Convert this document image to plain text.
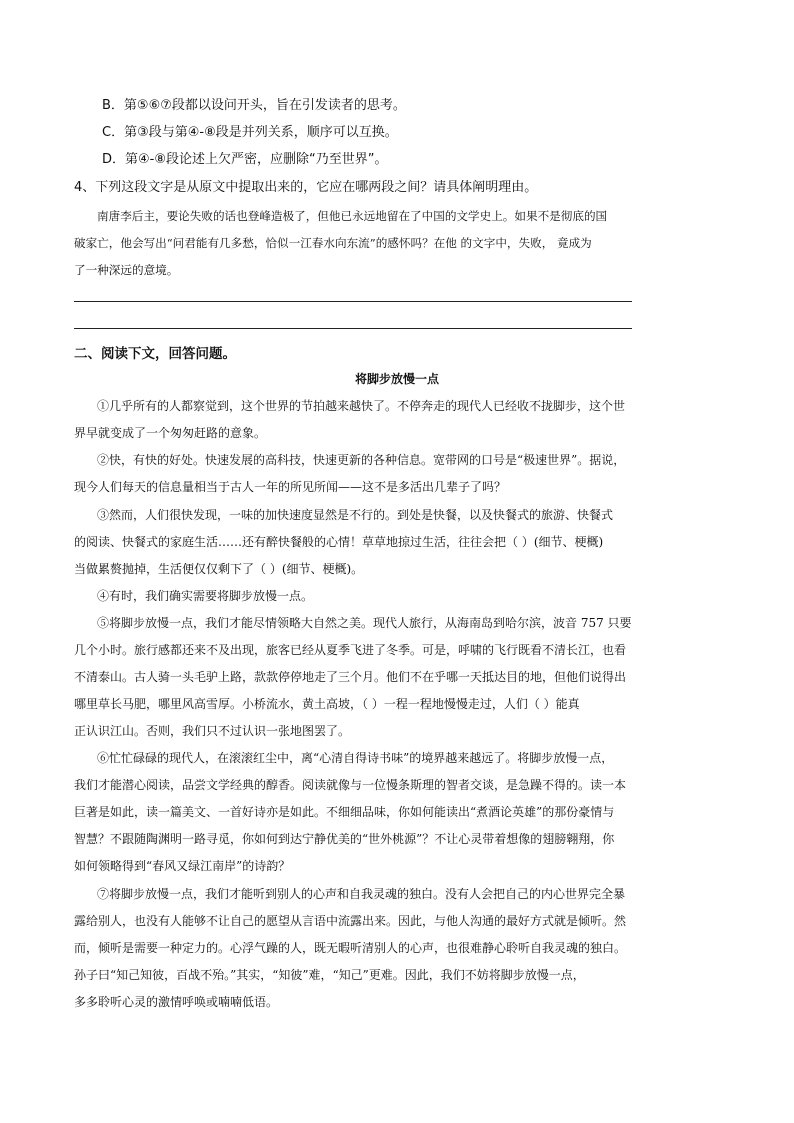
B．第⑤⑥⑦段都以设问开头，旨在引发读者的思考。
C．第③段与第④-⑧段是并列关系，顺序可以互换。
D．第④-⑧段论述上欠严密，应删除“乃至世界”。
4、下列这段文字是从原文中提取出来的，它应在哪两段之间？请具体阐明理由。
南唐李后主，要论失败的话也登峰造极了，但他已永远地留在了中国的文学史上。如果不是彻底的国
破家亡，他会写出“问君能有几多愁，恰似一江春水向东流”的感怀吗？在他 的文字中，失败， 竟成为
了一种深远的意境。
二、阅读下文，回答问题。
将脚步放慢一点
①几乎所有的人都察觉到，这个世界的节拍越来越快了。不停奔走的现代人已经收不拢脚步，这个世
界早就变成了一个匆匆赶路的意象。
②快，有快的好处。快速发展的高科技，快速更新的各种信息。宽带网的口号是“极速世界”。据说，
现今人们每天的信息量相当于古人一年的所见所闻——这不是多活出几辈子了吗？
③然而，人们很快发现，一味的加快速度显然是不行的。到处是快餐，以及快餐式的旅游、快餐式
的阅读、快餐式的家庭生活……还有醉快餐般的心情！草草地掠过生活，往往会把（ ）(细节、梗概)
当做累赘抛掉，生活便仅仅剩下了（ ）(细节、梗概)。
④有时，我们确实需要将脚步放慢一点。
⑤将脚步放慢一点，我们才能尽情领略大自然之美。现代人旅行，从海南岛到哈尔滨，波音 757 只要
几个小时。旅行感都还来不及出现，旅客已经从夏季飞进了冬季。可是，呼啸的飞行既看不清长江，也看
不清泰山。古人骑一头毛驴上路，款款停停地走了三个月。他们不在乎哪一天抵达目的地，但他们说得出
哪里草长马肥，哪里风高雪厚。小桥流水，黄土高坡，（ ）一程一程地慢慢走过，人们（ ）能真
正认识江山。否则，我们只不过认识一张地图罢了。
⑥忙忙碌碌的现代人，在滚滚红尘中，离“心清自得诗书味”的境界越来越远了。将脚步放慢一点，
我们才能潜心阅读，品尝文学经典的醇香。阅读就像与一位慢条斯理的智者交谈，是急躁不得的。读一本
巨著是如此，读一篇美文、一首好诗亦是如此。不细细品味，你如何能读出“煮酒论英雄”的那份豪情与
智慧？不跟随陶渊明一路寻觅，你如何到达宁静优美的“世外桃源”？不让心灵带着想像的翅膀翱翔，你
如何领略得到“春风又绿江南岸”的诗韵？
⑦将脚步放慢一点，我们才能听到别人的心声和自我灵魂的独白。没有人会把自己的内心世界完全暴
露给别人，也没有人能够不让自己的愿望从言语中流露出来。因此，与他人沟通的最好方式就是倾听。然
而，倾听是需要一种定力的。心浮气躁的人，既无暇听清别人的心声，也很难静心聆听自我灵魂的独白。
孙子曰“知己知彼，百战不殆。”其实，“知彼”难，“知己”更难。因此，我们不妨将脚步放慢一点，
多多聆听心灵的激情呼唤或喃喃低语。
